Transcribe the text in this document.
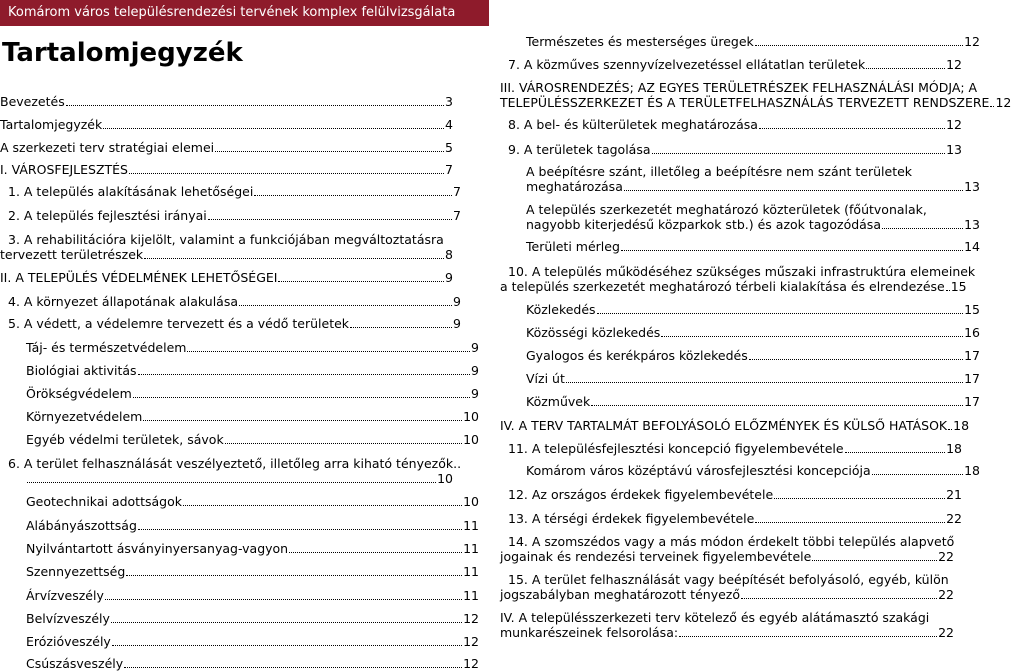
Komárom város településrendezési tervének komplex felülvizsgálata
Tartalomjegyzék
Bevezetés	3
Tartalomjegyzék	4
A szerkezeti terv stratégiai elemei	5
I. VÁROSFEJLESZTÉS	7
1. A település alakításának lehetőségei	7
2. A település fejlesztési irányai	7
3. A rehabilitációra kijelölt, valamint a funkciójában megváltoztatásra
tervezett területrészek	8
II. A TELEPÜLÉS VÉDELMÉNEK LEHETŐSÉGEI	9
4. A környezet állapotának alakulása	9
5. A védett, a védelemre tervezett és a védő területek	9
Táj- és természetvédelem	9
Biológiai aktivitás	9
Örökségvédelem	9
Környezetvédelem	10
Egyéb védelmi területek, sávok	10
6. A terület felhasználását veszélyeztető, illetőleg arra kiható tényezők..
10
Geotechnikai adottságok	10
Alábányászottság	11
Nyilvántartott ásványinyersanyag-vagyon	11
Szennyezettség	11
Árvízveszély	11
Belvízveszély	12
Erózióveszély	12
Csúszásveszély	12
Természetes és mesterséges üregek	12
7. A közműves szennyvízelvezetéssel ellátatlan területek	12
III. VÁROSRENDEZÉS; AZ EGYES TERÜLETRÉSZEK FELHASZNÁLÁSI MÓDJA; A
TELEPÜLÉSSZERKEZET ÉS A TERÜLETFELHASZNÁLÁS TERVEZETT RENDSZERE 12
8. A bel- és külterületek meghatározása	12
9. A területek tagolása	13
A beépítésre szánt, illetőleg a beépítésre nem szánt területek
meghatározása	13
A település szerkezetét meghatározó közterületek (főútvonalak,
nagyobb kiterjedésű közparkok stb.) és azok tagozódása	13
Területi mérleg	14
10. A település működéséhez szükséges műszaki infrastruktúra elemeinek
a település szerkezetét meghatározó térbeli kialakítása és elrendezése 15
Közlekedés	15
Közösségi közlekedés	16
Gyalogos és kerékpáros közlekedés	17
Vízi út	17
Közművek	17
IV. A TERV TARTALMÁT BEFOLYÁSOLÓ ELŐZMÉNYEK ÉS KÜLSŐ HATÁSOK 18
11. A településfejlesztési koncepció figyelembevétele	18
Komárom város középtávú városfejlesztési koncepciója	18
12. Az országos érdekek figyelembevétele	21
13. A térségi érdekek figyelembevétele	22
14. A szomszédos vagy a más módon érdekelt többi település alapvető
jogainak és rendezési terveinek figyelembevétele	22
15. A terület felhasználását vagy beépítését befolyásoló, egyéb, külön
jogszabályban meghatározott tényező	22
IV. A településszerkezeti terv kötelező és egyéb alátámasztó szakági
munkarészeinek felsorolása:	22
